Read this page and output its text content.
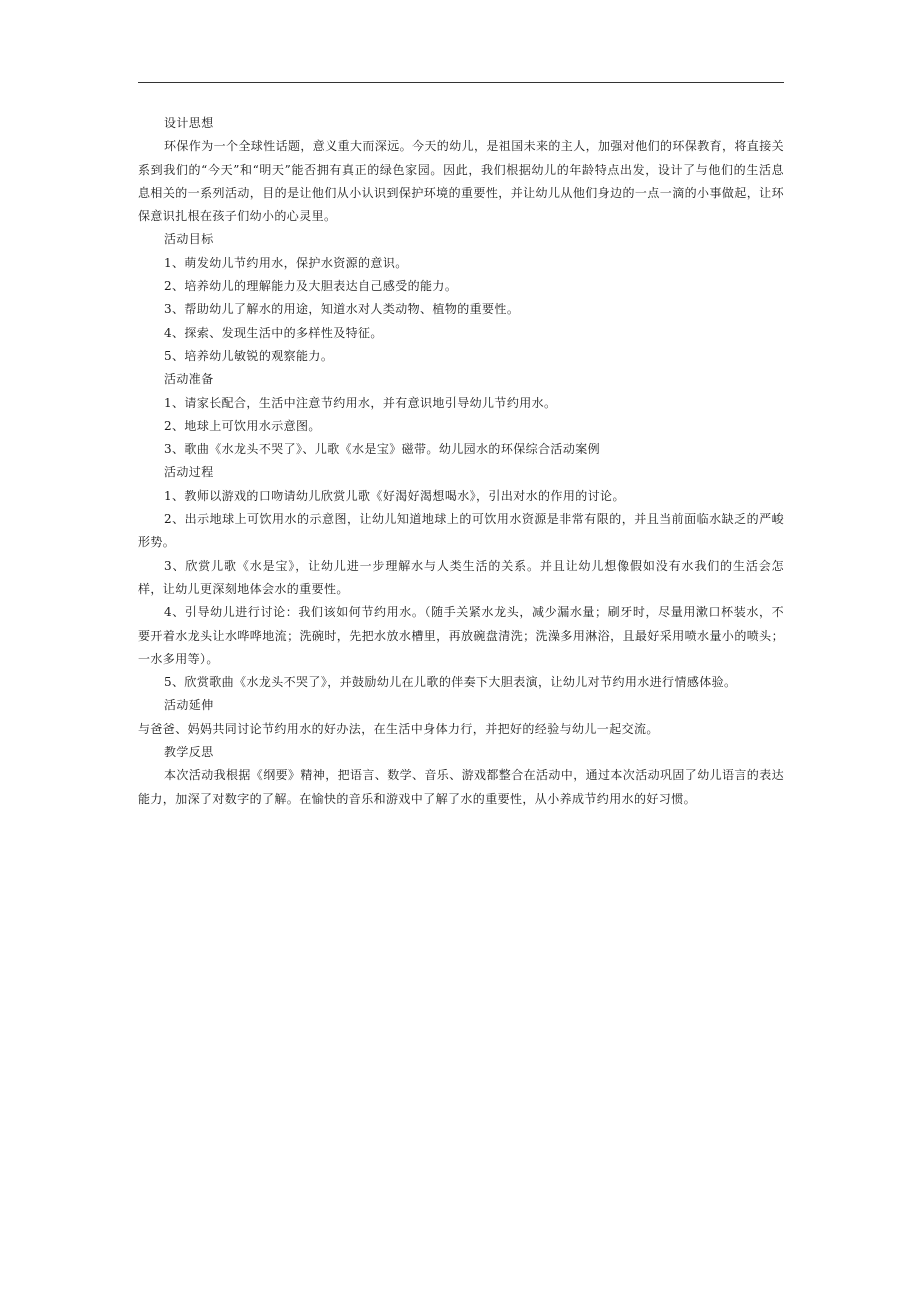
设计思想

环保作为一个全球性话题，意义重大而深远。今天的幼儿，是祖国未来的主人，加强对他们的环保教育，将直接关系到我们的“今天”和“明天”能否拥有真正的绿色家园。因此，我们根据幼儿的年龄特点出发，设计了与他们的生活息息相关的一系列活动，目的是让他们从小认识到保护环境的重要性，并让幼儿从他们身边的一点一滴的小事做起，让环保意识扎根在孩子们幼小的心灵里。

活动目标

1、萌发幼儿节约用水，保护水资源的意识。

2、培养幼儿的理解能力及大胆表达自己感受的能力。

3、帮助幼儿了解水的用途，知道水对人类动物、植物的重要性。

4、探索、发现生活中的多样性及特征。

5、培养幼儿敏锐的观察能力。

活动准备

1、请家长配合，生活中注意节约用水，并有意识地引导幼儿节约用水。

2、地球上可饮用水示意图。

3、歌曲《水龙头不哭了》、儿歌《水是宝》磁带。幼儿园水的环保综合活动案例

活动过程

1、教师以游戏的口吻请幼儿欣赏儿歌《好渴好渴想喝水》，引出对水的作用的讨论。

2、出示地球上可饮用水的示意图，让幼儿知道地球上的可饮用水资源是非常有限的，并且当前面临水缺乏的严峻形势。

3、欣赏儿歌《水是宝》，让幼儿进一步理解水与人类生活的关系。并且让幼儿想像假如没有水我们的生活会怎样，让幼儿更深刻地体会水的重要性。

4、引导幼儿进行讨论：我们该如何节约用水。（随手关紧水龙头，减少漏水量；刷牙时，尽量用漱口杯装水，不要开着水龙头让水哗哗地流；洗碗时，先把水放水槽里，再放碗盘清洗；洗澡多用淋浴，且最好采用喷水量小的喷头；一水多用等）。

5、欣赏歌曲《水龙头不哭了》，并鼓励幼儿在儿歌的伴奏下大胆表演，让幼儿对节约用水进行情感体验。

活动延伸

与爸爸、妈妈共同讨论节约用水的好办法，在生活中身体力行，并把好的经验与幼儿一起交流。

教学反思

本次活动我根据《纲要》精神，把语言、数学、音乐、游戏都整合在活动中，通过本次活动巩固了幼儿语言的表达能力，加深了对数字的了解。在愉快的音乐和游戏中了解了水的重要性，从小养成节约用水的好习惯。
